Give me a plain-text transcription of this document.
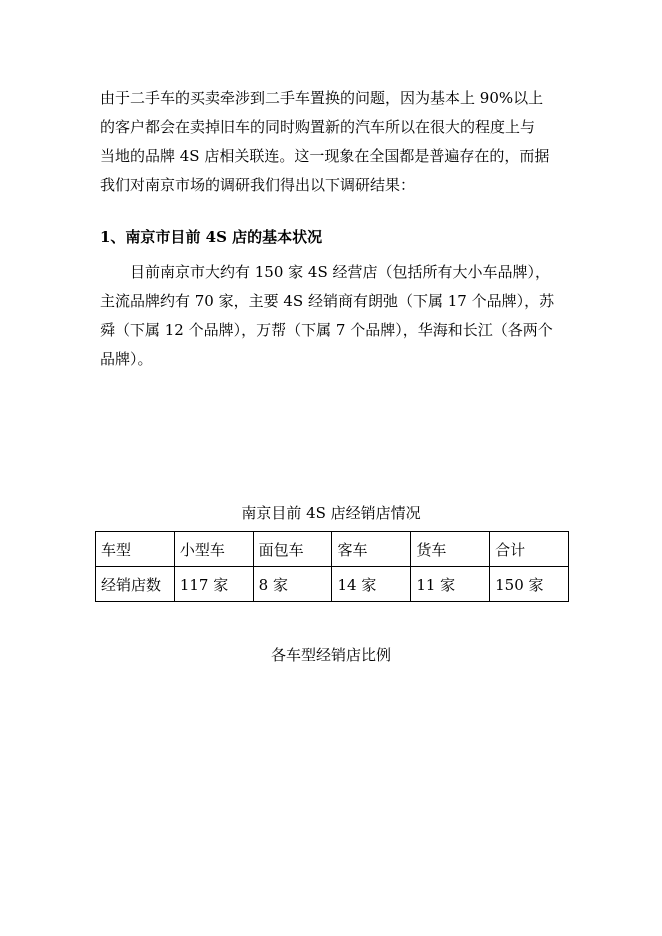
由于二手车的买卖牵涉到二手车置换的问题，因为基本上 90%以上
的客户都会在卖掉旧车的同时购置新的汽车所以在很大的程度上与
当地的品牌 4S 店相关联连。这一现象在全国都是普遍存在的，而据
我们对南京市场的调研我们得出以下调研结果：
1、南京市目前 4S 店的基本状况
目前南京市大约有 150 家 4S 经营店（包括所有大小车品牌），
主流品牌约有 70 家，主要 4S 经销商有朗弛（下属 17 个品牌），苏
舜（下属 12 个品牌），万帮（下属 7 个品牌），华海和长江（各两个
品牌）。

南京目前 4S 店经销店情况

车型	小型车	面包车	客车	货车	合计
经销店数	117 家	8 家	14 家	11 家	150 家

各车型经销店比例
